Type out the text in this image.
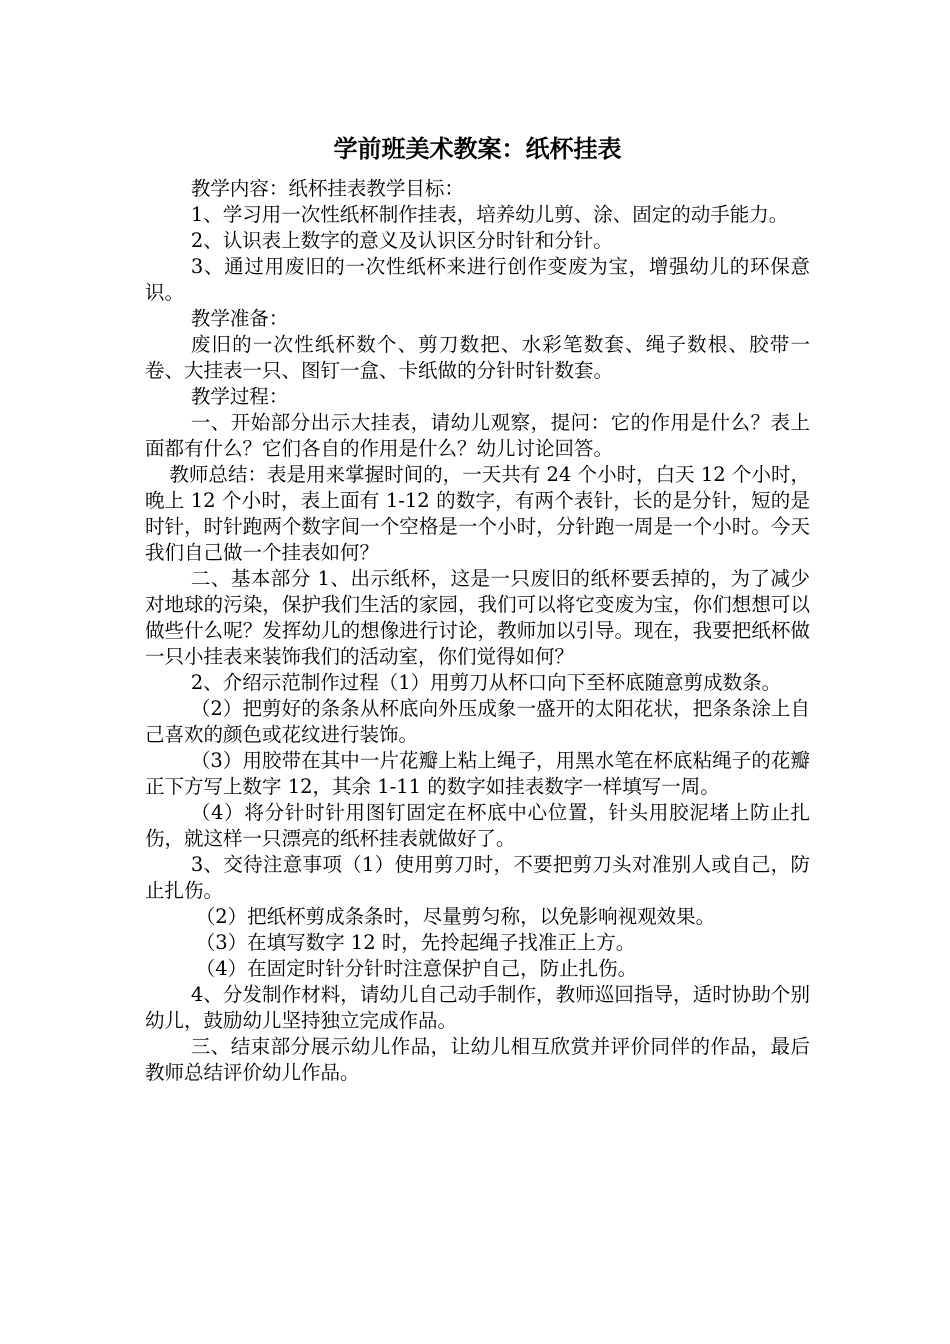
学前班美术教案：纸杯挂表

教学内容：纸杯挂表教学目标：

1、学习用一次性纸杯制作挂表，培养幼儿剪、涂、固定的动手能力。

2、认识表上数字的意义及认识区分时针和分针。

3、通过用废旧的一次性纸杯来进行创作变废为宝，增强幼儿的环保意识。

教学准备：

废旧的一次性纸杯数个、剪刀数把、水彩笔数套、绳子数根、胶带一卷、大挂表一只、图钉一盒、卡纸做的分针时针数套。

教学过程：

一、开始部分出示大挂表，请幼儿观察，提问：它的作用是什么？表上面都有什么？它们各自的作用是什么？幼儿讨论回答。

教师总结：表是用来掌握时间的，一天共有 24 个小时，白天 12 个小时，晚上 12 个小时，表上面有 1-12 的数字，有两个表针，长的是分针，短的是时针，时针跑两个数字间一个空格是一个小时，分针跑一周是一个小时。今天我们自己做一个挂表如何？

二、基本部分 1、出示纸杯，这是一只废旧的纸杯要丢掉的，为了减少对地球的污染，保护我们生活的家园，我们可以将它变废为宝，你们想想可以做些什么呢？发挥幼儿的想像进行讨论，教师加以引导。现在，我要把纸杯做一只小挂表来装饰我们的活动室，你们觉得如何？

2、介绍示范制作过程（1）用剪刀从杯口向下至杯底随意剪成数条。

（2）把剪好的条条从杯底向外压成象一盛开的太阳花状，把条条涂上自己喜欢的颜色或花纹进行装饰。

（3）用胶带在其中一片花瓣上粘上绳子，用黑水笔在杯底粘绳子的花瓣正下方写上数字 12，其余 1-11 的数字如挂表数字一样填写一周。

（4）将分针时针用图钉固定在杯底中心位置，针头用胶泥堵上防止扎伤，就这样一只漂亮的纸杯挂表就做好了。

3、交待注意事项（1）使用剪刀时，不要把剪刀头对准别人或自己，防止扎伤。

（2）把纸杯剪成条条时，尽量剪匀称，以免影响视观效果。

（3）在填写数字 12 时，先拎起绳子找准正上方。

（4）在固定时针分针时注意保护自己，防止扎伤。

4、分发制作材料，请幼儿自己动手制作，教师巡回指导，适时协助个别幼儿，鼓励幼儿坚持独立完成作品。

三、结束部分展示幼儿作品，让幼儿相互欣赏并评价同伴的作品，最后教师总结评价幼儿作品。
